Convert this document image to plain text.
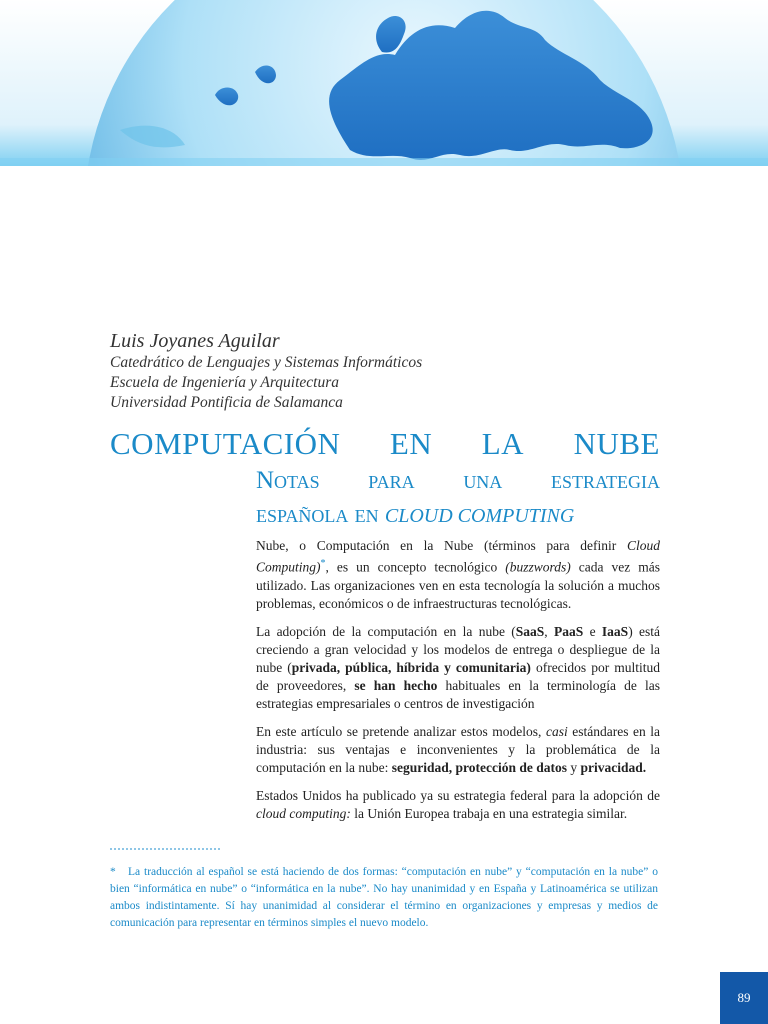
Luis Joyanes Aguilar
Catedrático de Lenguajes y Sistemas Informáticos
Escuela de Ingeniería y Arquitectura
Universidad Pontificia de Salamanca
COMPUTACIÓN EN LA NUBE
Notas para una estrategia
española en CLOUD COMPUTING

Nube, o Computación en la Nube (términos para definir Cloud Computing)*, es un concepto tecnológico (buzzwords) cada vez más utilizado. Las organizaciones ven en esta tecnología la solución a muchos problemas, económicos o de infraestructuras tecnológicas.

La adopción de la computación en la nube (SaaS, PaaS e IaaS) está creciendo a gran velocidad y los modelos de entrega o despliegue de la nube (privada, pública, híbrida y comunitaria) ofrecidos por multitud de proveedores, se han hecho habituales en la terminología de las estrategias empresariales o centros de investigación

En este artículo se pretende analizar estos modelos, casi estándares en la industria: sus ventajas e inconvenientes y la problemática de la computación en la nube: seguridad, protección de datos y privacidad.

Estados Unidos ha publicado ya su estrategia federal para la adopción de cloud computing: la Unión Europea trabaja en una estrategia similar.

* La traducción al español se está haciendo de dos formas: “computación en nube” y “computación en la nube” o bien “informática en nube” o “informática en la nube”. No hay unanimidad y en España y Latinoamérica se utilizan ambos indistintamente. Sí hay unanimidad al considerar el término en organizaciones y empresas y medios de comunicación para representar en términos simples el nuevo modelo.
89
